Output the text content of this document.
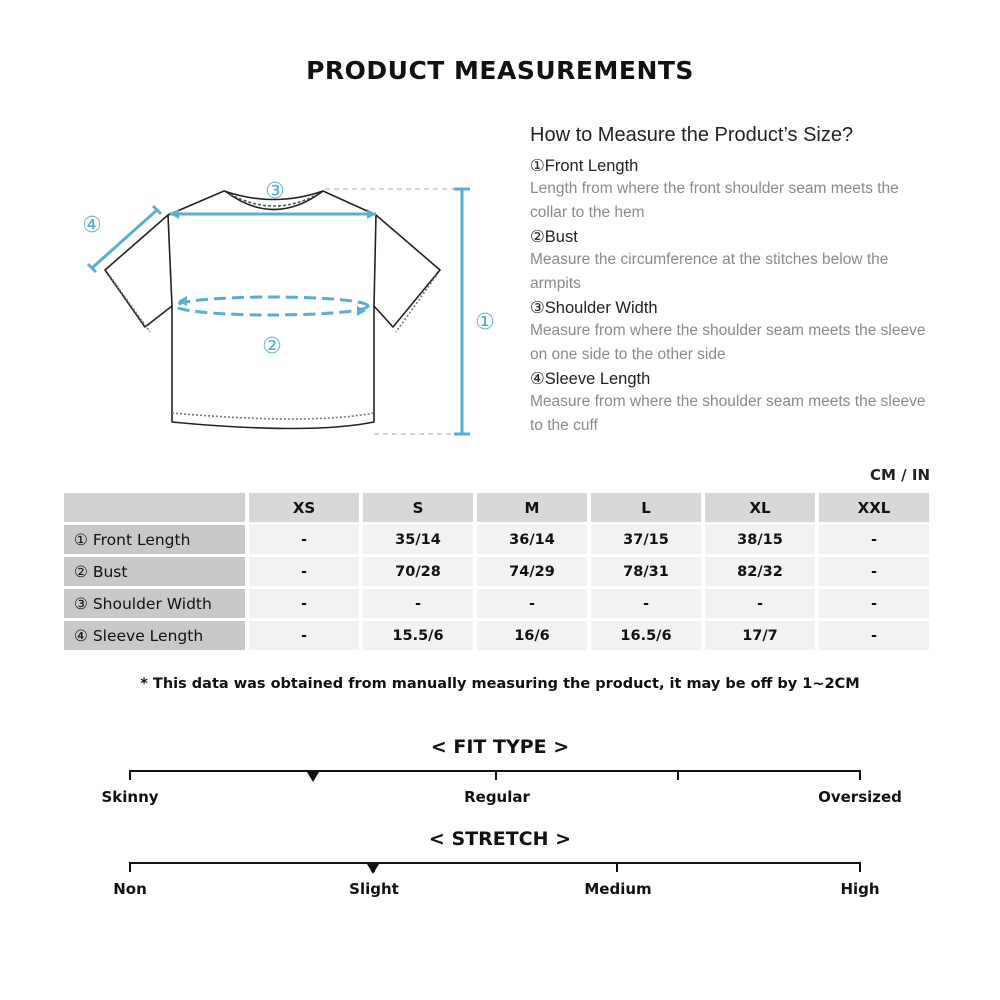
PRODUCT MEASUREMENTS
①
②
③
④
How to Measure the Product’s Size?
①Front Length
Length from where the front shoulder seam meets the collar to the hem
②Bust
Measure the circumference at the stitches below the armpits
③Shoulder Width
Measure from where the shoulder seam meets the sleeve on one side to the other side
④Sleeve Length
Measure from where the shoulder seam meets the sleeve to the cuff
CM / IN
	XS	S	M	L	XL	XXL
① Front Length	-	35/14	36/14	37/15	38/15	-
② Bust	-	70/28	74/29	78/31	82/32	-
③ Shoulder Width	-	-	-	-	-	-
④ Sleeve Length	-	15.5/6	16/6	16.5/6	17/7	-
* This data was obtained from manually measuring the product, it may be off by 1~2CM
< FIT TYPE >
Skinny	Regular	Oversized
< STRETCH >
Non	Slight	Medium	High
